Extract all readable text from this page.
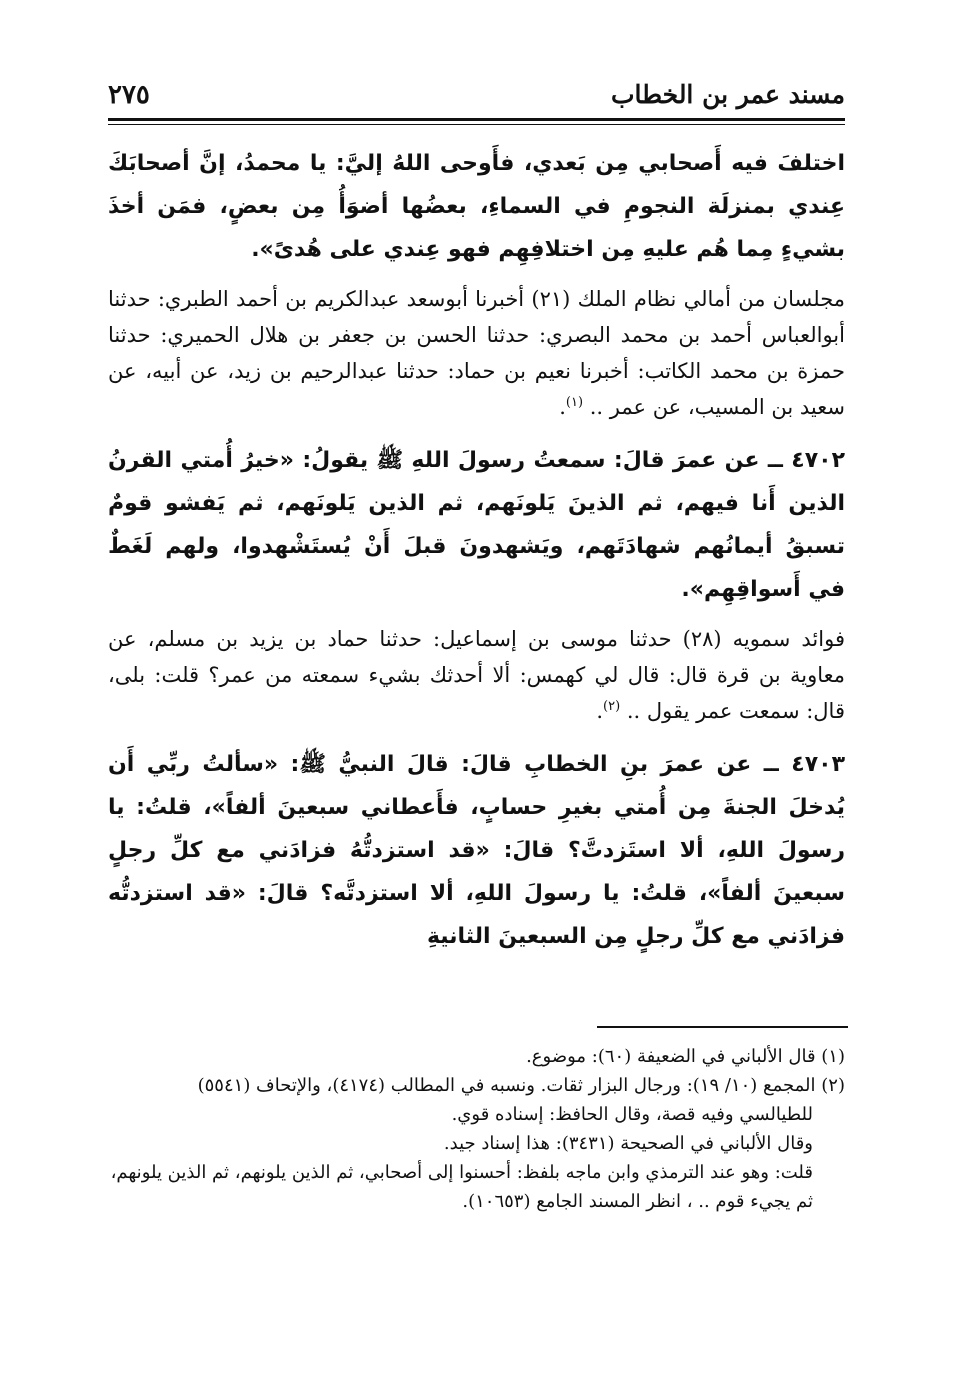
مسند عمر بن الخطاب
٢٧٥

اختلفَ فيه أَصحابي مِن بَعدي، فأَوحى اللهُ إليَّ: يا محمدُ، إنَّ أصحابَكَ عِندي بمنزلَة النجومِ في السماءِ، بعضُها أضوَأُ مِن بعضٍ، فمَن أخذَ بشيءٍ مِما هُم عليهِ مِن اختلافِهِم فهو عِندي على هُدىً».

مجلسان من أمالي نظام الملك (٢١) أخبرنا أبوسعد عبدالكريم بن أحمد الطبري: حدثنا أبوالعباس أحمد بن محمد البصري: حدثنا الحسن بن جعفر بن هلال الحميري: حدثنا حمزة بن محمد الكاتب: أخبرنا نعيم بن حماد: حدثنا عبدالرحيم بن زيد، عن أبيه، عن سعيد بن المسيب، عن عمر .. $^{(١)}$.

٤٧٠٢ ــ عن عمرَ قالَ: سمعتُ رسولَ اللهِ ﷺ يقولُ: «خيرُ أُمتي القرنُ الذين أَنا فيهم، ثم الذينَ يَلونَهم، ثم الذين يَلونَهم، ثم يَفشو قومٌ تسبقُ أيمانُهم شهادَتَهم، ويَشهدونَ قبلَ أَنْ يُستَشْهدوا، ولهم لَغَطٌ في أَسواقِهِم».

فوائد سمويه (٢٨) حدثنا موسى بن إسماعيل: حدثنا حماد بن يزيد بن مسلم، عن معاوية بن قرة قال: قال لي كهمس: ألا أحدثك بشيء سمعته من عمر؟ قلت: بلى، قال: سمعت عمر يقول .. $^{(٢)}$.

٤٧٠٣ ــ عن عمرَ بنِ الخطابِ قالَ: قالَ النبيُّ ﷺ: «سألتُ ربِّي أَن يُدخلَ الجنةَ مِن أُمتي بغيرِ حسابٍ، فأَعطاني سبعينَ ألفاً»، قلتُ: يا رسولَ اللهِ، ألا استَزدتَّ؟ قالَ: «قد استزدتُّهُ فزادَني مع كلِّ رجلٍ سبعينَ ألفاً»، قلتُ: يا رسولَ اللهِ، ألا استزدتَّه؟ قالَ: «قد استزدتُّه فزادَني مع كلِّ رجلٍ مِن السبعينَ الثانيةِ

(١) قال الألباني في الضعيفة (٦٠): موضوع.

(٢) المجمع (١٠/ ١٩): ورجال البزار ثقات. ونسبه في المطالب (٤١٧٤)، والإتحاف (٥٥٤١)

للطيالسي وفيه قصة، وقال الحافظ: إسناده قوي.

وقال الألباني في الصحيحة (٣٤٣١): هذا إسناد جيد.

قلت: وهو عند الترمذي وابن ماجه بلفظ: أحسنوا إلى أصحابي، ثم الذين يلونهم، ثم الذين يلونهم، ثم يجيء قوم .. ، انظر المسند الجامع (١٠٦٥٣).
